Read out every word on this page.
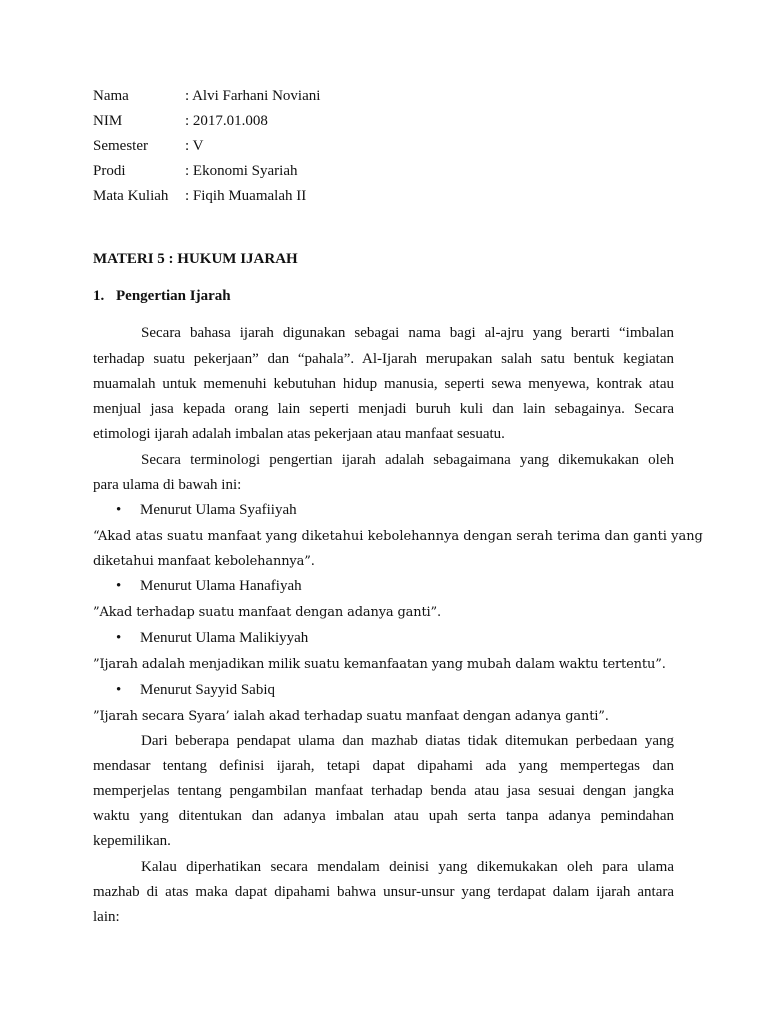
Nama	: Alvi Farhani Noviani
NIM	: 2017.01.008
Semester : V
Prodi	: Ekonomi Syariah
Mata Kuliah : Fiqih Muamalah II
MATERI 5 : HUKUM IJARAH
1. Pengertian Ijarah
Secara bahasa ijarah digunakan sebagai nama bagi al-ajru yang berarti “imbalan
terhadap suatu pekerjaan” dan “pahala”. Al-Ijarah merupakan salah satu bentuk kegiatan
muamalah untuk memenuhi kebutuhan hidup manusia, seperti sewa menyewa, kontrak atau
menjual jasa kepada orang lain seperti menjadi buruh kuli dan lain sebagainya. Secara
etimologi ijarah adalah imbalan atas pekerjaan atau manfaat sesuatu.
Secara terminologi pengertian ijarah adalah sebagaimana yang dikemukakan oleh
para ulama di bawah ini:
• Menurut Ulama Syafiiyah
“Akad atas suatu manfaat yang diketahui kebolehannya dengan serah terima dan ganti yang
diketahui manfaat kebolehannya”.
• Menurut Ulama Hanafiyah
”Akad terhadap suatu manfaat dengan adanya ganti”.
• Menurut Ulama Malikiyyah
”Ijarah adalah menjadikan milik suatu kemanfaatan yang mubah dalam waktu tertentu”.
• Menurut Sayyid Sabiq
”Ijarah secara Syara’ ialah akad terhadap suatu manfaat dengan adanya ganti”.
Dari beberapa pendapat ulama dan mazhab diatas tidak ditemukan perbedaan yang
mendasar tentang definisi ijarah, tetapi dapat dipahami ada yang mempertegas dan
memperjelas tentang pengambilan manfaat terhadap benda atau jasa sesuai dengan jangka
waktu yang ditentukan dan adanya imbalan atau upah serta tanpa adanya pemindahan
kepemilikan.
Kalau diperhatikan secara mendalam deinisi yang dikemukakan oleh para ulama
mazhab di atas maka dapat dipahami bahwa unsur-unsur yang terdapat dalam ijarah antara
lain:
